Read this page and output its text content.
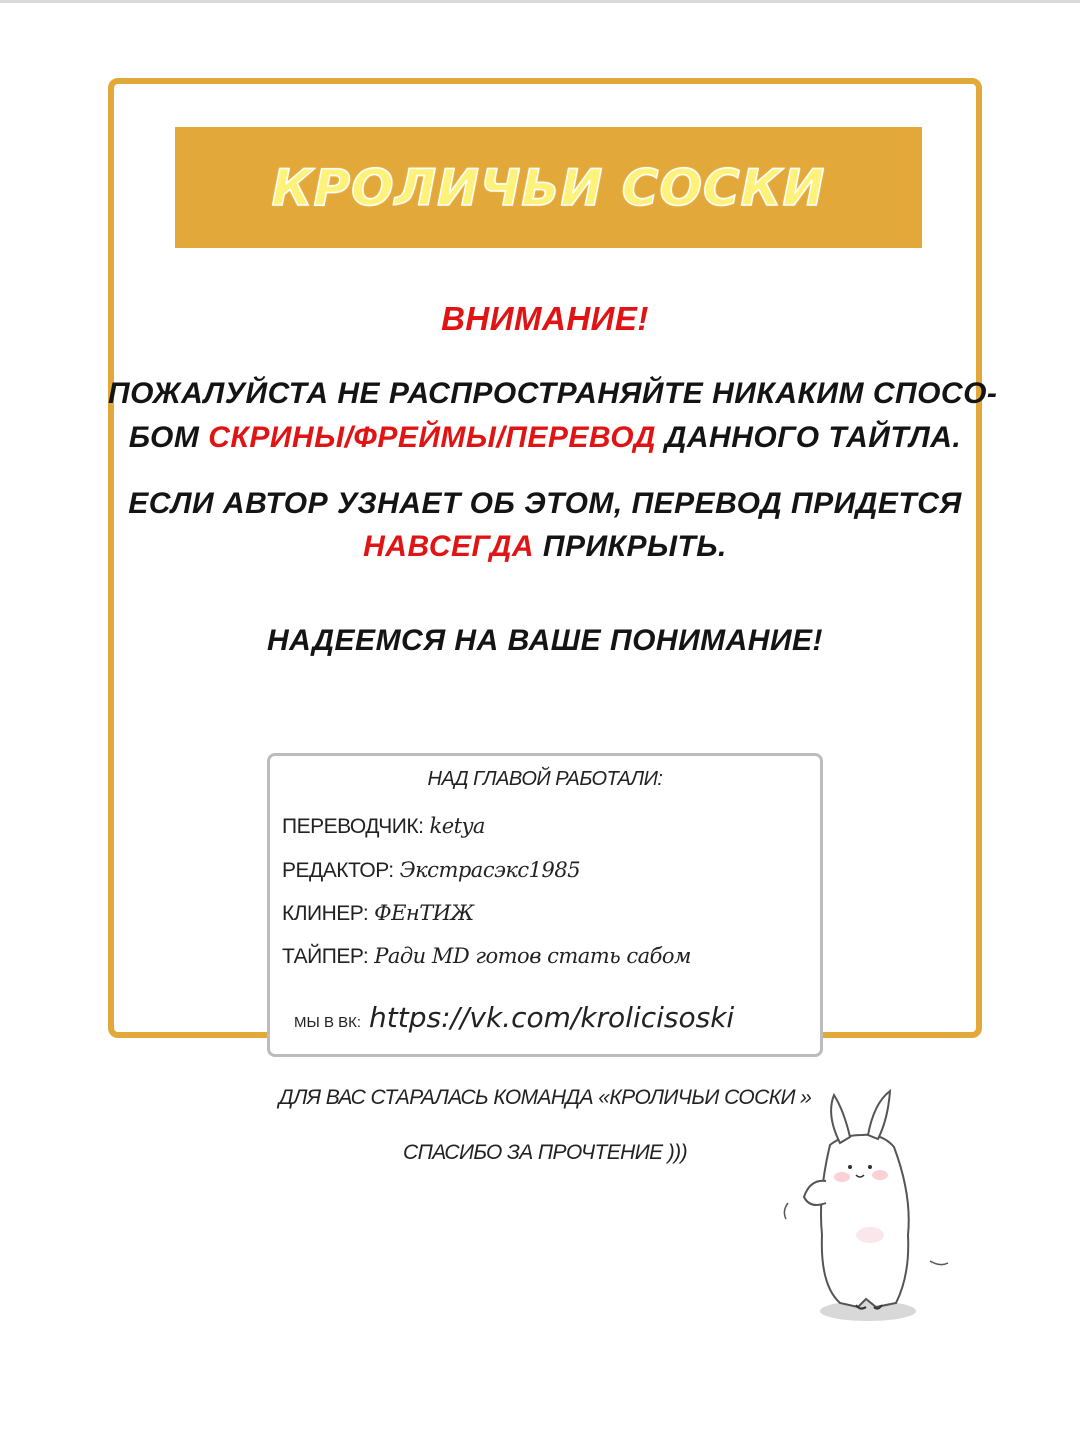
КРОЛИЧЬИ СОСКИ
ВНИМАНИЕ!
ПОЖАЛУЙСТА НЕ РАСПРОСТРАНЯЙТЕ НИКАКИМ СПОСО-
БОМ СКРИНЫ/ФРЕЙМЫ/ПЕРЕВОД ДАННОГО ТАЙТЛА.
ЕСЛИ АВТОР УЗНАЕТ ОБ ЭТОМ, ПЕРЕВОД ПРИДЕТСЯ
НАВСЕГДА ПРИКРЫТЬ.
НАДЕЕМСЯ НА ВАШЕ ПОНИМАНИЕ!
НАД ГЛАВОЙ РАБОТАЛИ:
ПЕРЕВОДЧИК: ketya
РЕДАКТОР: Экстрасэкс1985
КЛИНЕР: ФЕнТИЖ
ТАЙПЕР: Ради MD готов стать сабом
МЫ В ВК: https://vk.com/krolicisoski
ДЛЯ ВАС СТАРАЛАСЬ КОМАНДА «КРОЛИЧЬИ СОСКИ »
СПАСИБО ЗА ПРОЧТЕНИЕ )))
